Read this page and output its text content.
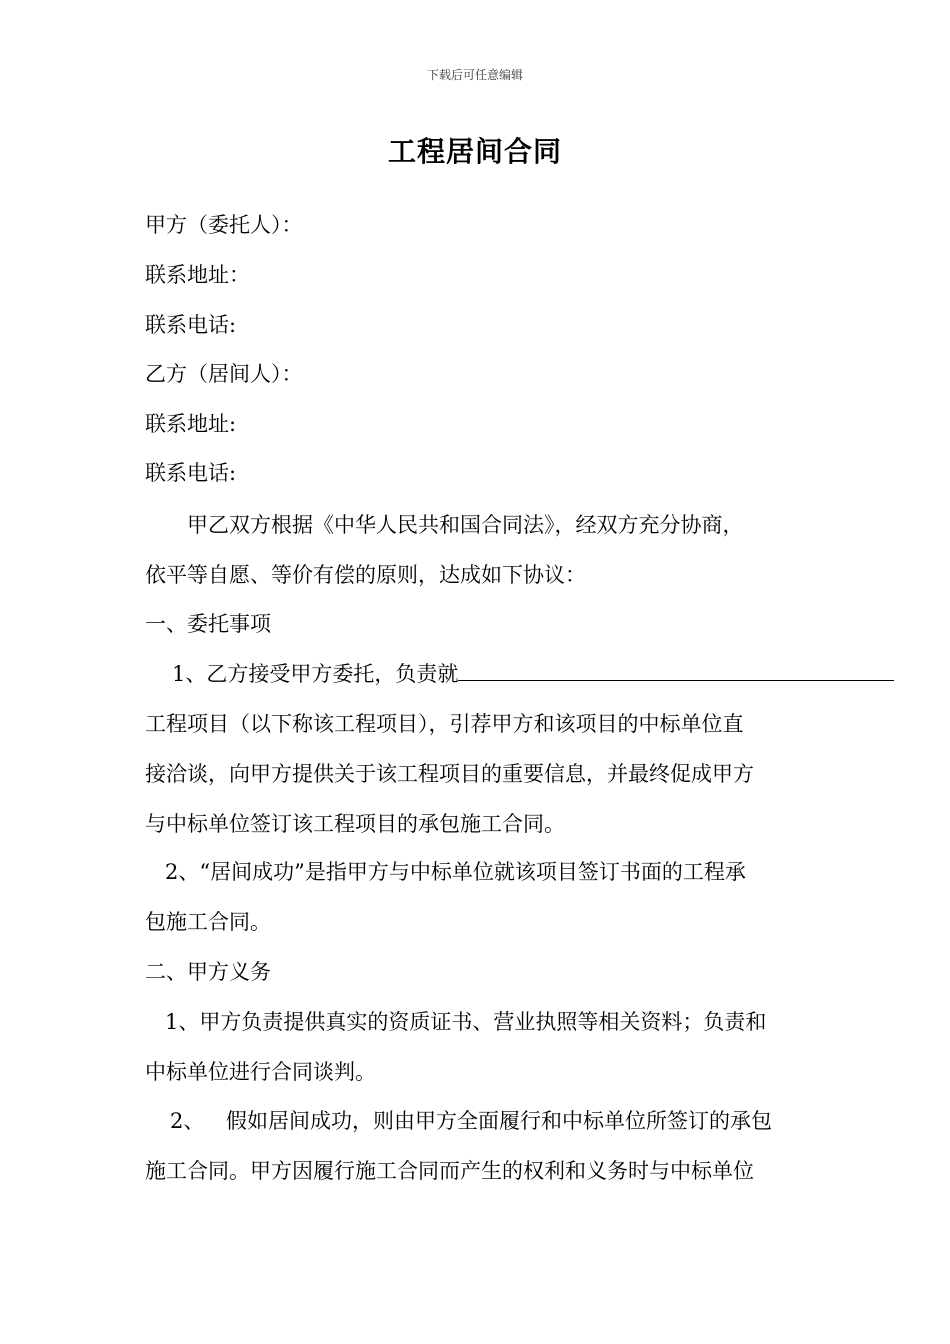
下载后可任意编辑
工程居间合同
甲方（委托人）：
联系地址：
联系电话:
乙方（居间人）：
联系地址:
联系电话:
甲乙双方根据《中华人民共和国合同法》，经双方充分协商，
依平等自愿、等价有偿的原则，达成如下协议：
一、委托事项
1、乙方接受甲方委托，负责就
工程项目（以下称该工程项目），引荐甲方和该项目的中标单位直
接洽谈，向甲方提供关于该工程项目的重要信息，并最终促成甲方
与中标单位签订该工程项目的承包施工合同。
2、“居间成功”是指甲方与中标单位就该项目签订书面的工程承
包施工合同。
二、甲方义务
1、甲方负责提供真实的资质证书、营业执照等相关资料；负责和
中标单位进行合同谈判。
2、 假如居间成功，则由甲方全面履行和中标单位所签订的承包
施工合同。甲方因履行施工合同而产生的权利和义务时与中标单位
